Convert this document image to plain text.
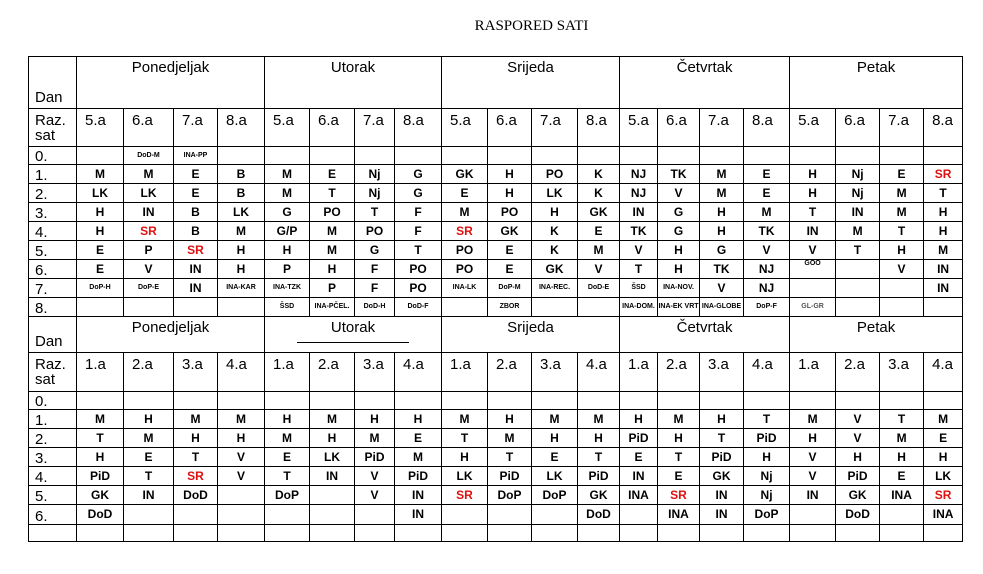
RASPORED SATI
Dan	Ponedjeljak				Utorak				Srijeda				Četvrtak				Petak			

Raz.
sat	5.a	6.a	7.a	8.a	5.a	6.a	7.a	8.a	5.a	6.a	7.a	8.a	5.a	6.a	7.a	8.a	5.a	6.a	7.a	8.a
0.		DoD-M	INA-PP																	
1.	M	M	E	B	M	E	Nj	G	GK	H	PO	K	NJ	TK	M	E	H	Nj	E	SR
2.	LK	LK	E	B	M	T	Nj	G	E	H	LK	K	NJ	V	M	E	H	Nj	M	T
3.	H	IN	B	LK	G	PO	T	F	M	PO	H	GK	IN	G	H	M	T	IN	M	H
4.	H	SR	B	M	G/P	M	PO	F	SR	GK	K	E	TK	G	H	TK	IN	M	T	H
5.	E	P	SR	H	H	M	G	T	PO	E	K	M	V	H	G	V	V	T	H	M
6.	E	V	IN	H	P	H	F	PO	PO	E	GK	V	T	H	TK	NJ	GOO		V	IN
7.	DoP-H	DoP-E	IN	INA-KAR	INA-TZK	P	F	PO	INA-LK	DoP-M	INA-REC.	DoD-E	ŠSD	INA-NOV.	V	NJ				IN
8.					ŠSD	INA-PČEL.	DoD-H	DoD-F		ZBOR			INA-DOM.	INA-EK VRT	INA-GLOBE	DoP-F	GL-GR			
Dan	Ponedjeljak				Utorak				Srijeda				Četvrtak				Petak			

Raz.
sat	1.a	2.a	3.a	4.a	1.a	2.a	3.a	4.a	1.a	2.a	3.a	4.a	1.a	2.a	3.a	4.a	1.a	2.a	3.a	4.a
0.																				
1.	M	H	M	M	H	M	H	H	M	H	M	M	H	M	H	T	M	V	T	M
2.	T	M	H	H	M	H	M	E	T	M	H	H	PiD	H	T	PiD	H	V	M	E
3.	H	E	T	V	E	LK	PiD	M	H	T	E	T	E	T	PiD	H	V	H	H	H
4.	PiD	T	SR	V	T	IN	V	PiD	LK	PiD	LK	PiD	IN	E	GK	Nj	V	PiD	E	LK
5.	GK	IN	DoD		DoP		V	IN	SR	DoP	DoP	GK	INA	SR	IN	Nj	IN	GK	INA	SR
6.	DoD							IN				DoD		INA	IN	DoP		DoD		INA
